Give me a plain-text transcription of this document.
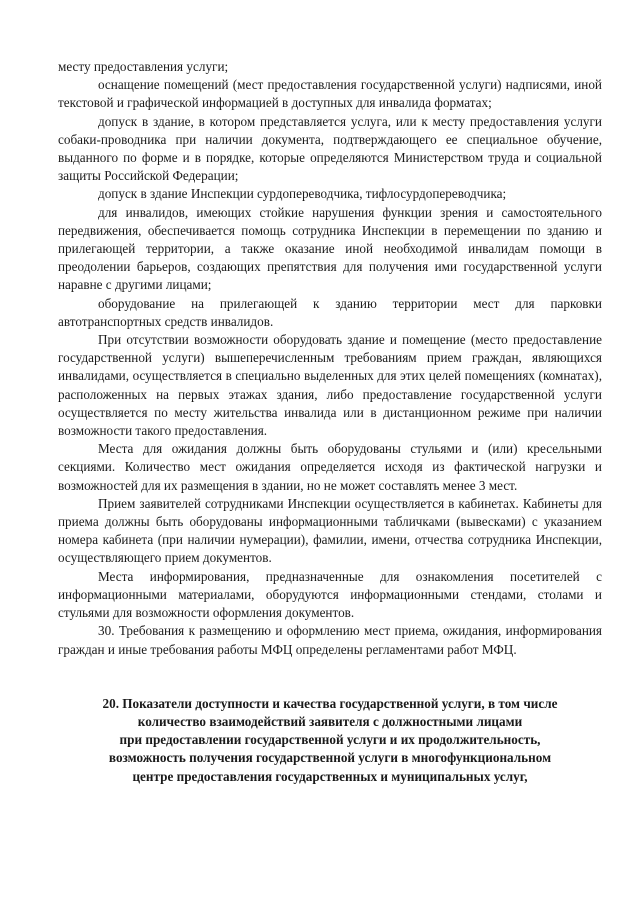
месту предоставления услуги;

оснащение помещений (мест предоставления государственной услуги) надписями, иной текстовой и графической информацией в доступных для инвалида форматах;

допуск в здание, в котором представляется услуга, или к месту предоставления услуги собаки-проводника при наличии документа, подтверждающего ее специальное обучение, выданного по форме и в порядке, которые определяются Министерством труда и социальной защиты Российской Федерации;

допуск в здание Инспекции сурдопереводчика, тифлосурдопереводчика;

для инвалидов, имеющих стойкие нарушения функции зрения и самостоятельного передвижения, обеспечивается помощь сотрудника Инспекции в перемещении по зданию и прилегающей территории, а также оказание иной необходимой инвалидам помощи в преодолении барьеров, создающих препятствия для получения ими государственной услуги наравне с другими лицами;

оборудование на прилегающей к зданию территории мест для парковки автотранспортных средств инвалидов.

При отсутствии возможности оборудовать здание и помещение (место предоставление государственной услуги) вышеперечисленным требованиям прием граждан, являющихся инвалидами, осуществляется в специально выделенных для этих целей помещениях (комнатах), расположенных на первых этажах здания, либо предоставление государственной услуги осуществляется по месту жительства инвалида или в дистанционном режиме при наличии возможности такого предоставления.

Места для ожидания должны быть оборудованы стульями и (или) кресельными секциями. Количество мест ожидания определяется исходя из фактической нагрузки и возможностей для их размещения в здании, но не может составлять менее 3 мест.

Прием заявителей сотрудниками Инспекции осуществляется в кабинетах. Кабинеты для приема должны быть оборудованы информационными табличками (вывесками) с указанием номера кабинета (при наличии нумерации), фамилии, имени, отчества сотрудника Инспекции, осуществляющего прием документов.

Места информирования, предназначенные для ознакомления посетителей с информационными материалами, оборудуются информационными стендами, столами и стульями для возможности оформления документов.

30. Требования к размещению и оформлению мест приема, ожидания, информирования граждан и иные требования работы МФЦ определены регламентами работ МФЦ.

20. Показатели доступности и качества государственной услуги, в том числе
количество взаимодействий заявителя с должностными лицами
при предоставлении государственной услуги и их продолжительность,
возможность получения государственной услуги в многофункциональном
центре предоставления государственных и муниципальных услуг,
